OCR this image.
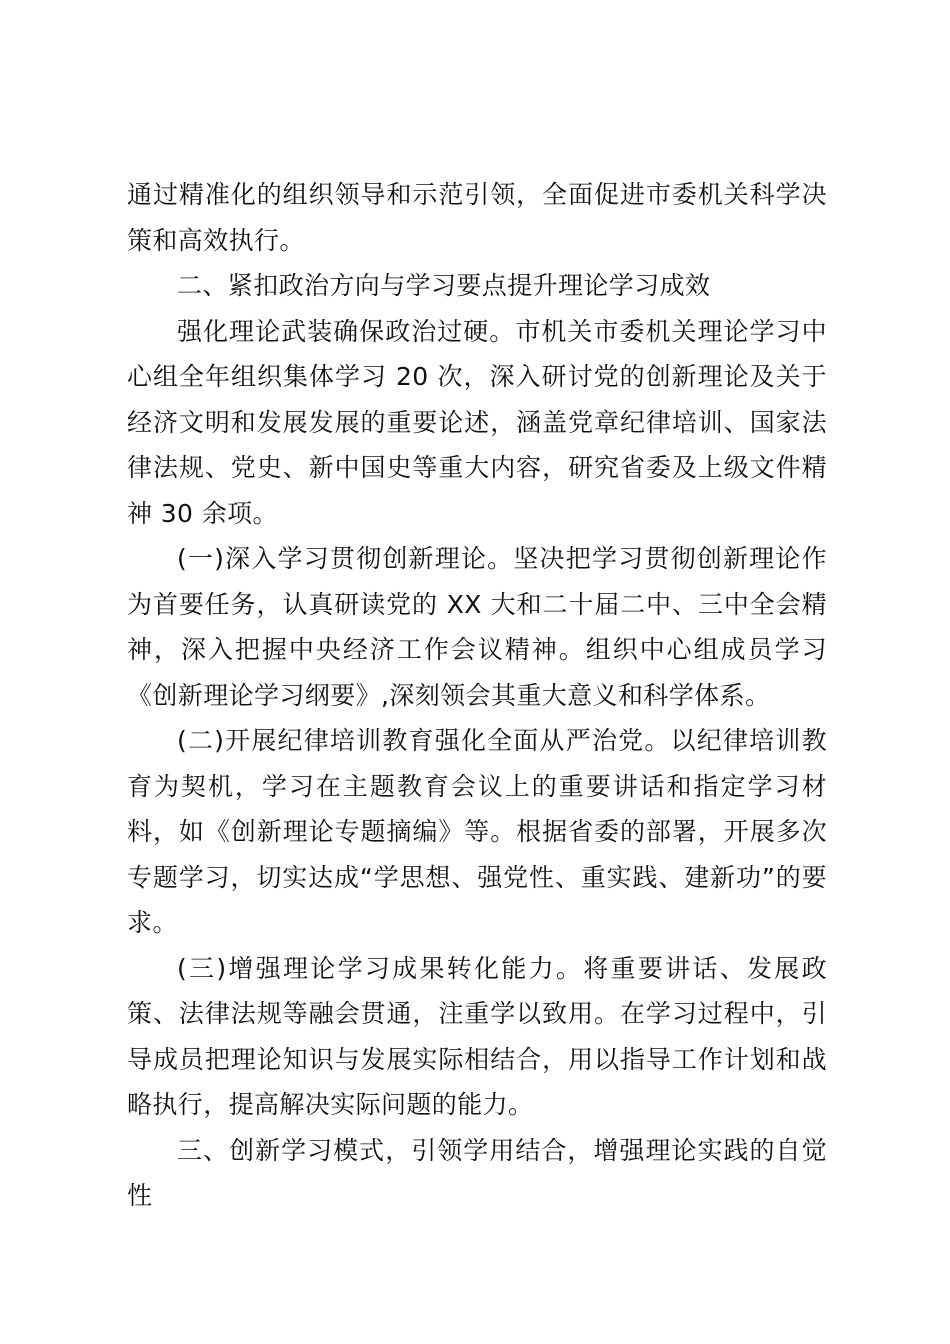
通过精准化的组织领导和示范引领，全面促进市委机关科学决策和高效执行。

二、紧扣政治方向与学习要点提升理论学习成效

强化理论武装确保政治过硬。市机关市委机关理论学习中心组全年组织集体学习 20 次，深入研讨党的创新理论及关于经济文明和发展发展的重要论述，涵盖党章纪律培训、国家法律法规、党史、新中国史等重大内容，研究省委及上级文件精神 30 余项。

(一)深入学习贯彻创新理论。坚决把学习贯彻创新理论作为首要任务，认真研读党的 XX 大和二十届二中、三中全会精神，深入把握中央经济工作会议精神。组织中心组成员学习《创新理论学习纲要》,深刻领会其重大意义和科学体系。

(二)开展纪律培训教育强化全面从严治党。以纪律培训教育为契机，学习在主题教育会议上的重要讲话和指定学习材料，如《创新理论专题摘编》等。根据省委的部署，开展多次专题学习，切实达成“学思想、强党性、重实践、建新功”的要求。

(三)增强理论学习成果转化能力。将重要讲话、发展政策、法律法规等融会贯通，注重学以致用。在学习过程中，引导成员把理论知识与发展实际相结合，用以指导工作计划和战略执行，提高解决实际问题的能力。

三、创新学习模式，引领学用结合，增强理论实践的自觉性
